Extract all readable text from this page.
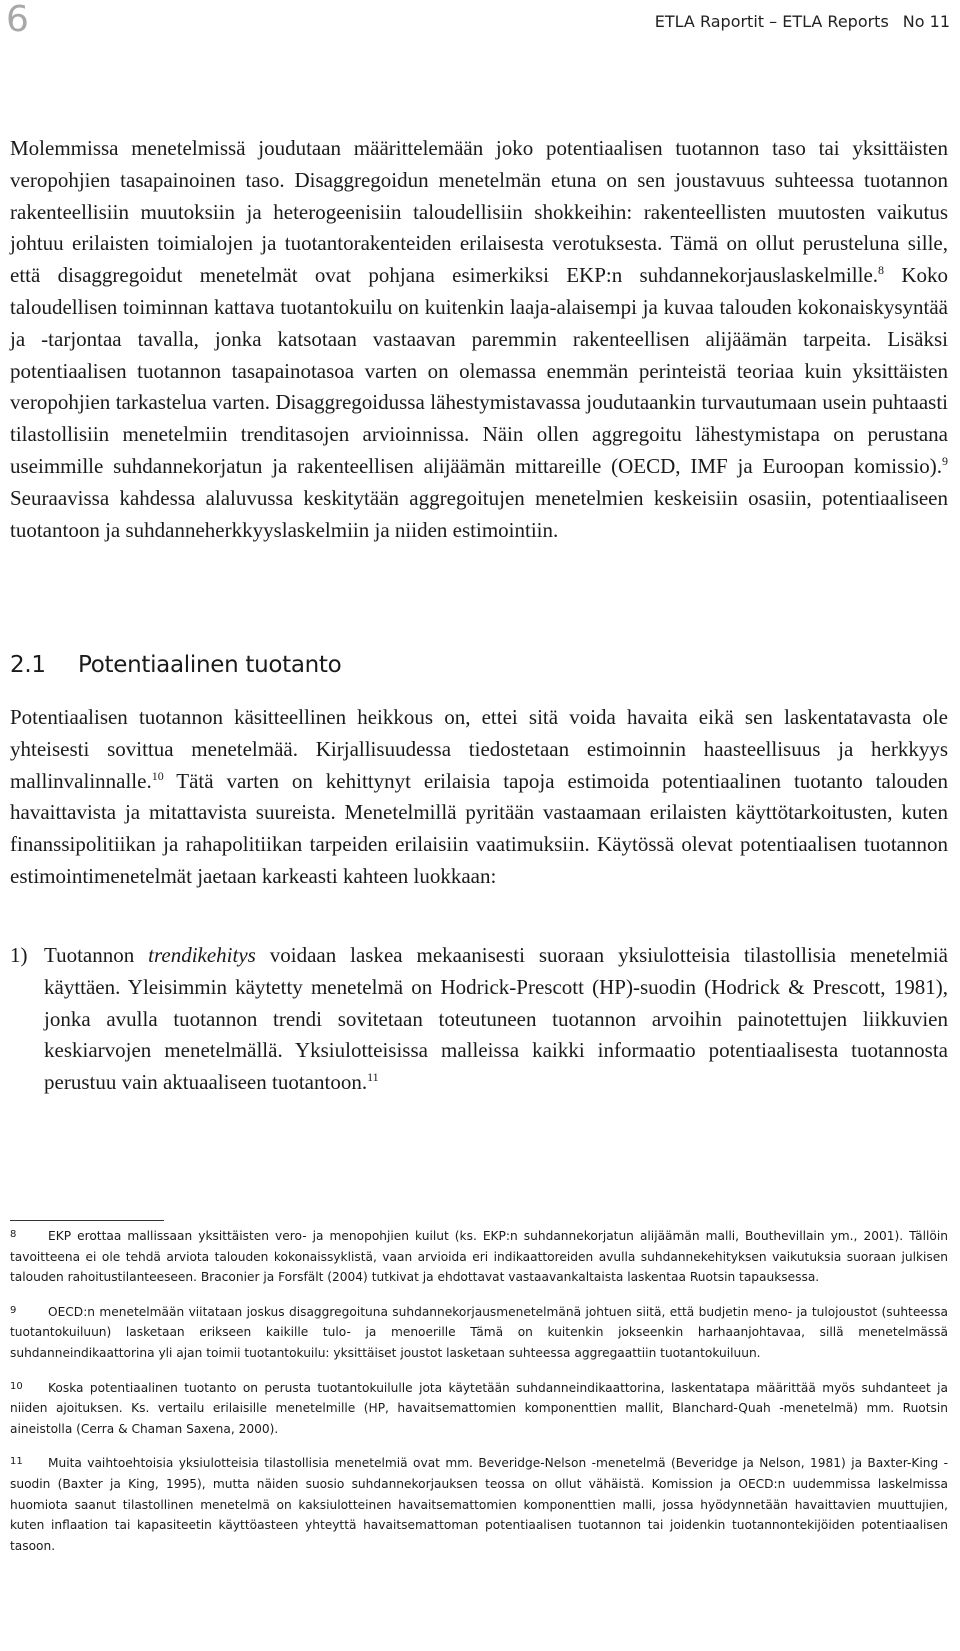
6	ETLA Raportit – ETLA Reports No 11

Molemmissa menetelmissä joudutaan määrittelemään joko potentiaalisen tuotannon taso tai yksittäisten veropohjien tasapainoinen taso. Disaggregoidun menetelmän etuna on sen joustavuus suhteessa tuotannon rakenteellisiin muutoksiin ja heterogeenisiin taloudellisiin shokkeihin: rakenteellisten muutosten vaikutus johtuu erilaisten toimialojen ja tuotantorakenteiden erilaisesta verotuksesta. Tämä on ollut perusteluna sille, että disaggregoidut menetelmät ovat pohjana esimerkiksi EKP:n suhdannekorjauslaskelmille.$^8$ Koko taloudellisen toiminnan kattava tuotantokuilu on kuitenkin laaja-alaisempi ja kuvaa talouden kokonaiskysyntää ja -tarjontaa tavalla, jonka katsotaan vastaavan paremmin rakenteellisen alijäämän tarpeita. Lisäksi potentiaalisen tuotannon tasapainotasoa varten on olemassa enemmän perinteistä teoriaa kuin yksittäisten veropohjien tarkastelua varten. Disaggregoidussa lähestymistavassa joudutaankin turvautumaan usein puhtaasti tilastollisiin menetelmiin trenditasojen arvioinnissa. Näin ollen aggregoitu lähestymistapa on perustana useimmille suhdannekorjatun ja rakenteellisen alijäämän mittareille (OECD, IMF ja Euroopan komissio).$^9$ Seuraavissa kahdessa alaluvussa keskitytään aggregoitujen menetelmien keskeisiin osasiin, potentiaaliseen tuotantoon ja suhdanneherkkyyslaskelmiin ja niiden estimointiin.

2.1 Potentiaalinen tuotanto

Potentiaalisen tuotannon käsitteellinen heikkous on, ettei sitä voida havaita eikä sen laskentatavasta ole yhteisesti sovittua menetelmää. Kirjallisuudessa tiedostetaan estimoinnin haasteellisuus ja herkkyys mallinvalinnalle.$^{10}$ Tätä varten on kehittynyt erilaisia tapoja estimoida potentiaalinen tuotanto talouden havaittavista ja mitattavista suureista. Menetelmillä pyritään vastaamaan erilaisten käyttötarkoitusten, kuten finanssipolitiikan ja rahapolitiikan tarpeiden erilaisiin vaatimuksiin. Käytössä olevat potentiaalisen tuotannon estimointimenetelmät jaetaan karkeasti kahteen luokkaan:

1) Tuotannon trendikehitys voidaan laskea mekaanisesti suoraan yksiulotteisia tilastollisia menetelmiä käyttäen. Yleisimmin käytetty menetelmä on Hodrick-Prescott (HP)-suodin (Hodrick & Prescott, 1981), jonka avulla tuotannon trendi sovitetaan toteutuneen tuotannon arvoihin painotettujen liikkuvien keskiarvojen menetelmällä. Yksiulotteisissa malleissa kaikki informaatio potentiaalisesta tuotannosta perustuu vain aktuaaliseen tuotantoon.$^{11}$

8	EKP erottaa mallissaan yksittäisten vero- ja menopohjien kuilut (ks. EKP:n suhdannekorjatun alijäämän malli, Bouthevillain ym., 2001). Tällöin tavoitteena ei ole tehdä arviota talouden kokonaissyklistä, vaan arvioida eri indikaattoreiden avulla suhdannekehityksen vaikutuksia suoraan julkisen talouden rahoitustilanteeseen. Braconier ja Forsfält (2004) tutkivat ja ehdottavat vastaavankaltaista laskentaa Ruotsin tapauksessa.

9	OECD:n menetelmään viitataan joskus disaggregoituna suhdannekorjausmenetelmänä johtuen siitä, että budjetin meno- ja tulojoustot (suhteessa tuotantokuiluun) lasketaan erikseen kaikille tulo- ja menoerille Tämä on kuitenkin jokseenkin harhaanjohtavaa, sillä menetelmässä suhdanneindikaattorina yli ajan toimii tuotantokuilu: yksittäiset joustot lasketaan suhteessa aggregaattiin tuotantokuiluun.

10 Koska potentiaalinen tuotanto on perusta tuotantokuilulle jota käytetään suhdanneindikaattorina, laskentatapa määrittää myös suhdanteet ja niiden ajoituksen. Ks. vertailu erilaisille menetelmille (HP, havaitsemattomien komponenttien mallit, Blanchard-Quah -menetelmä) mm. Ruotsin aineistolla (Cerra & Chaman Saxena, 2000).

11 Muita vaihtoehtoisia yksiulotteisia tilastollisia menetelmiä ovat mm. Beveridge-Nelson -menetelmä (Beveridge ja Nelson, 1981) ja Baxter-King -suodin (Baxter ja King, 1995), mutta näiden suosio suhdannekorjauksen teossa on ollut vähäistä. Komission ja OECD:n uudemmissa laskelmissa huomiota saanut tilastollinen menetelmä on kaksiulotteinen havaitsemattomien komponenttien malli, jossa hyödynnetään havaittavien muuttujien, kuten inflaation tai kapasiteetin käyttöasteen yhteyttä havaitsemattoman potentiaalisen tuotannon tai joidenkin tuotannontekijöiden potentiaalisen tasoon.
